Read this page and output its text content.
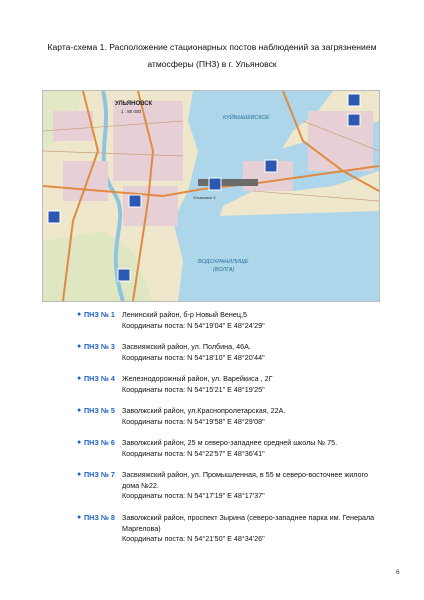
Карта-схема 1. Расположение стационарных постов наблюдений за загрязнением
атмосферы (ПНЗ) в г. Ульяновск
УЛЬЯНОВСК
1 : 80 000
КУЙБЫШЕВСКОЕ
ВОДОХРАНИЛИЩЕ
(ВОЛГА)
Ульяновск 3
● ПНЗ № 1 Ленинский район, б-р Новый Венец,5
Координаты поста: N 54°19'04" E 48°24'29"
● ПНЗ № 3 Засвияжский район, ул. Полбина, 46А.
Координаты поста: N 54°18'10" E 48°20'44"
● ПНЗ № 4 Железнодорожный район, ул. Варейкиса , 2Г
Координаты поста: N 54°15'21" E 48°19'25"
● ПНЗ № 5 Заволжский район, ул.Краснопролетарская, 22А.
Координаты поста: N 54°19'58" E 48°29'08"
● ПНЗ № 6 Заволжский район, 25 м северо-западнее средней школы № 75.
Координаты поста: N 54°22'57" E 48°36'41"
● ПНЗ № 7 Засвияжский район, ул. Промышленная, в 55 м северо-восточнее жилого дома №22.
Координаты поста: N 54°17'19" E 48°17'37"
● ПНЗ № 8 Заволжский район, проспект Зырина (северо-западнее парка им. Генерала Маргелова)
Координаты поста: N 54°21'50" E 48°34'26"
6
